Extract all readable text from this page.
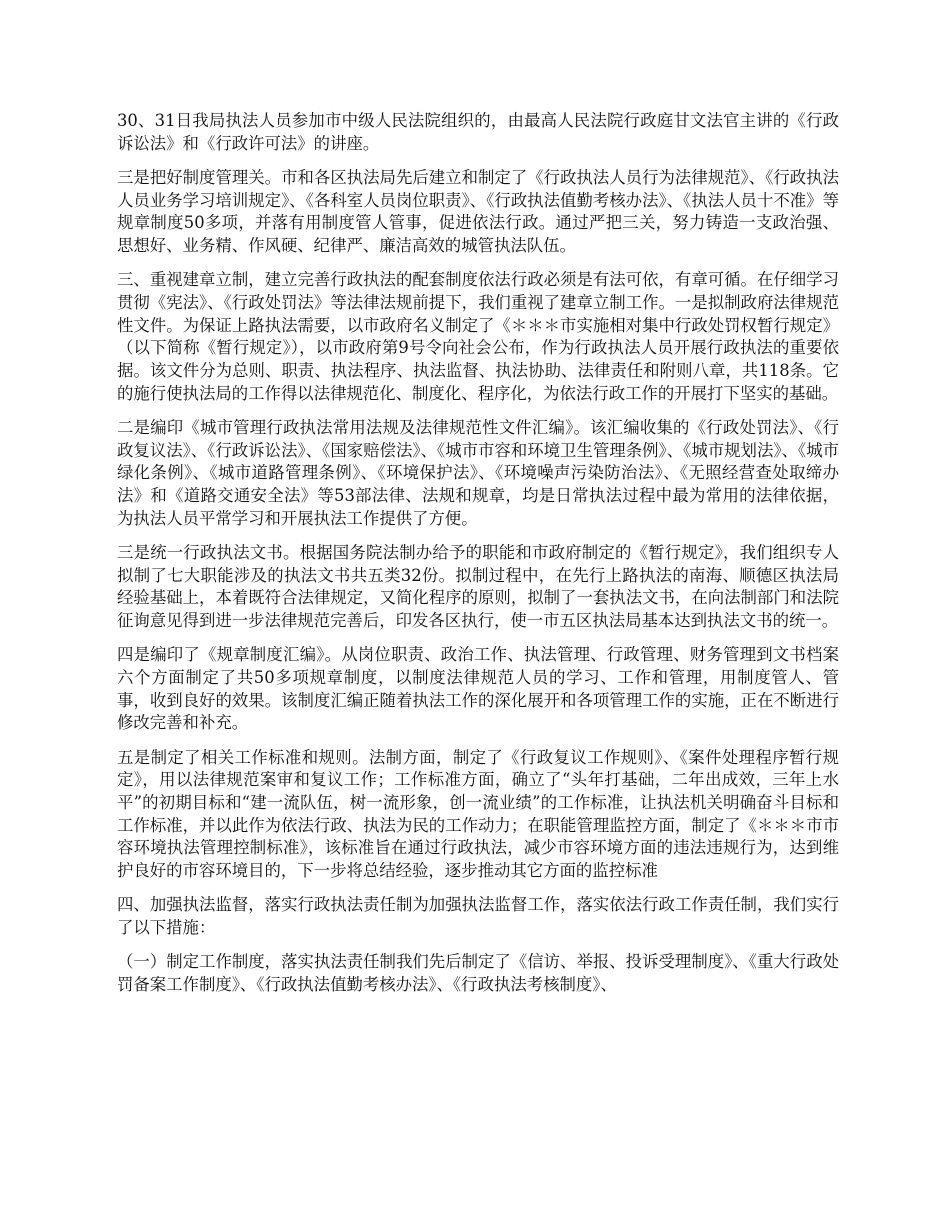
30、31日我局执法人员参加市中级人民法院组织的，由最高人民法院行政庭甘文法官主讲的《行政诉讼法》和《行政许可法》的讲座。

三是把好制度管理关。市和各区执法局先后建立和制定了《行政执法人员行为法律规范》、《行政执法人员业务学习培训规定》、《各科室人员岗位职责》、《行政执法值勤考核办法》、《执法人员十不准》等规章制度50多项，并落有用制度管人管事，促进依法行政。通过严把三关，努力铸造一支政治强、思想好、业务精、作风硬、纪律严、廉洁高效的城管执法队伍。

三、重视建章立制，建立完善行政执法的配套制度依法行政必须是有法可依，有章可循。在仔细学习贯彻《宪法》、《行政处罚法》等法律法规前提下，我们重视了建章立制工作。一是拟制政府法律规范性文件。为保证上路执法需要，以市政府名义制定了《＊＊＊市实施相对集中行政处罚权暂行规定》（以下简称《暂行规定》），以市政府第9号令向社会公布，作为行政执法人员开展行政执法的重要依据。该文件分为总则、职责、执法程序、执法监督、执法协助、法律责任和附则八章，共118条。它的施行使执法局的工作得以法律规范化、制度化、程序化，为依法行政工作的开展打下坚实的基础。

二是编印《城市管理行政执法常用法规及法律规范性文件汇编》。该汇编收集的《行政处罚法》、《行政复议法》、《行政诉讼法》、《国家赔偿法》、《城市市容和环境卫生管理条例》、《城市规划法》、《城市绿化条例》、《城市道路管理条例》、《环境保护法》、《环境噪声污染防治法》、《无照经营查处取缔办法》和《道路交通安全法》等53部法律、法规和规章，均是日常执法过程中最为常用的法律依据，为执法人员平常学习和开展执法工作提供了方便。

三是统一行政执法文书。根据国务院法制办给予的职能和市政府制定的《暂行规定》，我们组织专人拟制了七大职能涉及的执法文书共五类32份。拟制过程中，在先行上路执法的南海、顺德区执法局经验基础上，本着既符合法律规定，又简化程序的原则，拟制了一套执法文书，在向法制部门和法院征询意见得到进一步法律规范完善后，印发各区执行，使一市五区执法局基本达到执法文书的统一。

四是编印了《规章制度汇编》。从岗位职责、政治工作、执法管理、行政管理、财务管理到文书档案六个方面制定了共50多项规章制度，以制度法律规范人员的学习、工作和管理，用制度管人、管事，收到良好的效果。该制度汇编正随着执法工作的深化展开和各项管理工作的实施，正在不断进行修改完善和补充。

五是制定了相关工作标准和规则。法制方面，制定了《行政复议工作规则》、《案件处理程序暂行规定》，用以法律规范案审和复议工作；工作标准方面，确立了“头年打基础，二年出成效，三年上水平”的初期目标和“建一流队伍，树一流形象，创一流业绩”的工作标准，让执法机关明确奋斗目标和工作标准，并以此作为依法行政、执法为民的工作动力；在职能管理监控方面，制定了《＊＊＊市市容环境执法管理控制标准》，该标准旨在通过行政执法，减少市容环境方面的违法违规行为，达到维护良好的市容环境目的，下一步将总结经验，逐步推动其它方面的监控标准

四、加强执法监督，落实行政执法责任制为加强执法监督工作，落实依法行政工作责任制，我们实行了以下措施：

（一）制定工作制度，落实执法责任制我们先后制定了《信访、举报、投诉受理制度》、《重大行政处罚备案工作制度》、《行政执法值勤考核办法》、《行政执法考核制度》、
